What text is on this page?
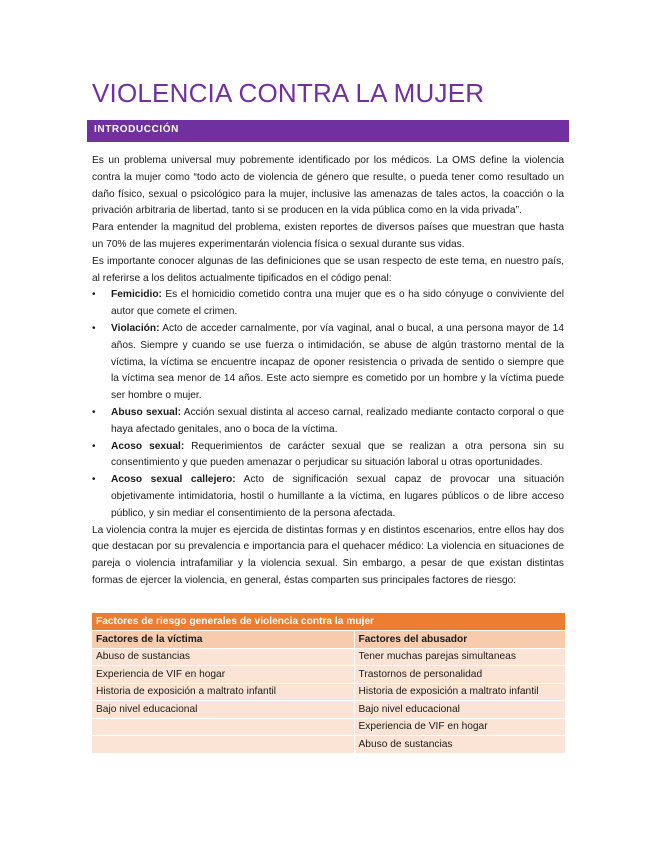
VIOLENCIA CONTRA LA MUJER
INTRODUCCIÓN

Es un problema universal muy pobremente identificado por los médicos. La OMS define la violencia contra la mujer como “todo acto de violencia de género que resulte, o pueda tener como resultado un daño físico, sexual o psicológico para la mujer, inclusive las amenazas de tales actos, la coacción o la privación arbitraria de libertad, tanto si se producen en la vida pública como en la vida privada”.

Para entender la magnitud del problema, existen reportes de diversos países que muestran que hasta un 70% de las mujeres experimentarán violencia física o sexual durante sus vidas.

Es importante conocer algunas de las definiciones que se usan respecto de este tema, en nuestro país, al referirse a los delitos actualmente tipificados en el código penal:

• Femicidio: Es el homicidio cometido contra una mujer que es o ha sido cónyuge o conviviente del autor que comete el crimen.
• Violación: Acto de acceder carnalmente, por vía vaginal, anal o bucal, a una persona mayor de 14 años. Siempre y cuando se use fuerza o intimidación, se abuse de algún trastorno mental de la víctima, la víctima se encuentre incapaz de oponer resistencia o privada de sentido o siempre que la víctima sea menor de 14 años. Este acto siempre es cometido por un hombre y la víctima puede ser hombre o mujer.
• Abuso sexual: Acción sexual distinta al acceso carnal, realizado mediante contacto corporal o que haya afectado genitales, ano o boca de la víctima.
• Acoso sexual: Requerimientos de carácter sexual que se realizan a otra persona sin su consentimiento y que pueden amenazar o perjudicar su situación laboral u otras oportunidades.
• Acoso sexual callejero: Acto de significación sexual capaz de provocar una situación objetivamente intimidatoria, hostil o humillante a la víctima, en lugares públicos o de libre acceso público, y sin mediar el consentimiento de la persona afectada.

La violencia contra la mujer es ejercida de distintas formas y en distintos escenarios, entre ellos hay dos que destacan por su prevalencia e importancia para el quehacer médico: La violencia en situaciones de pareja o violencia intrafamiliar y la violencia sexual. Sin embargo, a pesar de que existan distintas formas de ejercer la violencia, en general, éstas comparten sus principales factores de riesgo:

Factores de riesgo generales de violencia contra la mujer	
Factores de la víctima	Factores del abusador
Abuso de sustancias	Tener muchas parejas simultaneas
Experiencia de VIF en hogar	Trastornos de personalidad
Historia de exposición a maltrato infantil	Historia de exposición a maltrato infantil
Bajo nivel educacional	Bajo nivel educacional
	Experiencia de VIF en hogar
	Abuso de sustancias
